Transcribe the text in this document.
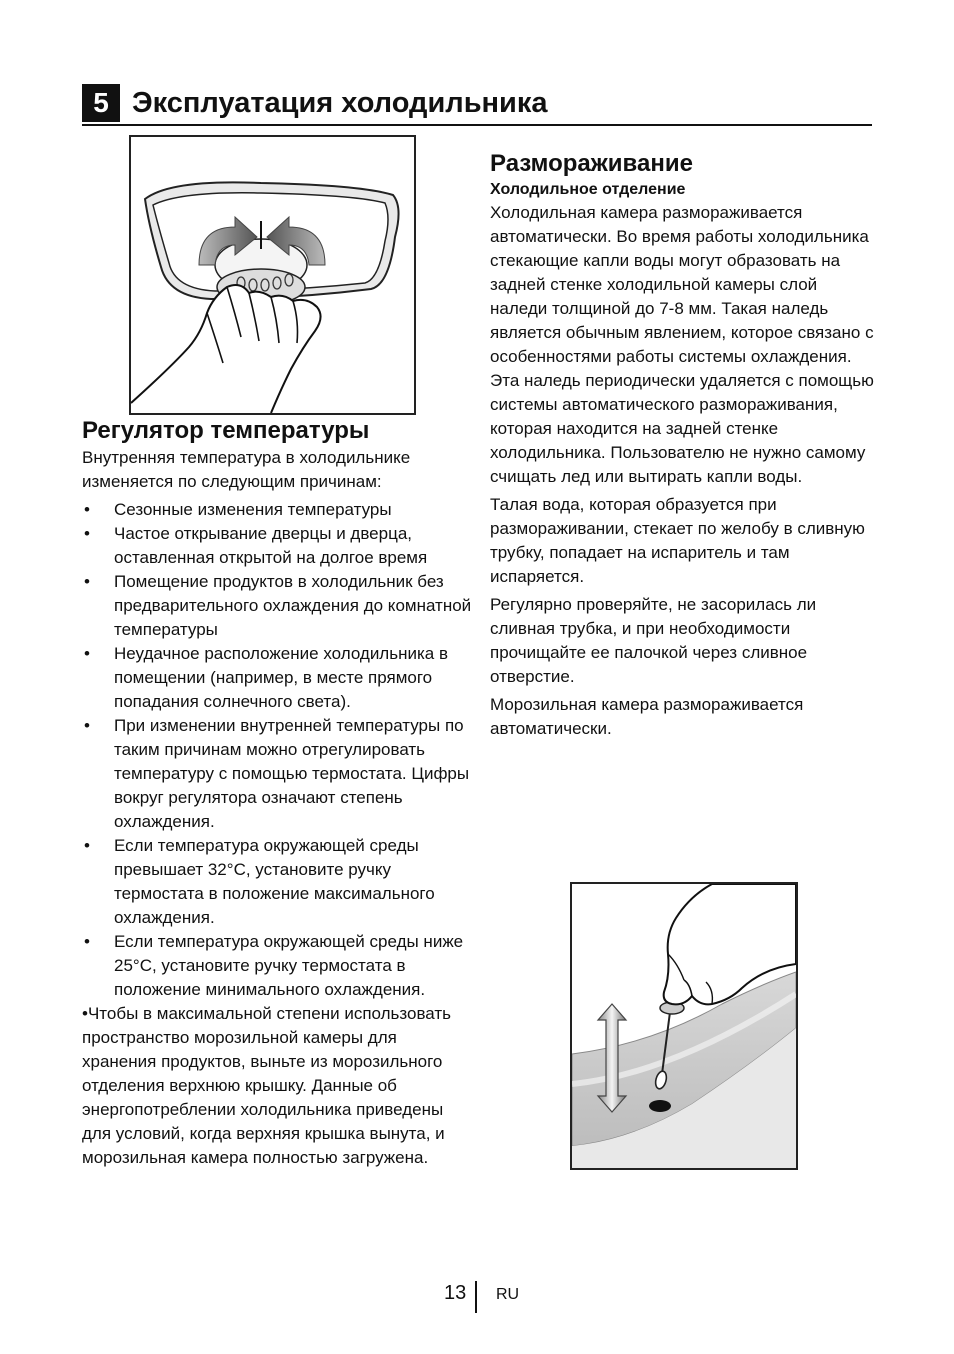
5 Эксплуатация холодильника
Регулятор температуры

Внутренняя температура в холодильнике изменяется по следующим причинам:

• Сезонные изменения температуры
• Частое открывание дверцы и дверца, оставленная открытой на долгое время
• Помещение продуктов в холодильник без предварительного охлаждения до комнатной температуры
• Неудачное расположение холодильника в помещении (например, в месте прямого попадания солнечного света).
• При изменении внутренней температуры по таким причинам можно отрегулировать температуру с помощью термостата. Цифры вокруг регулятора означают степень охлаждения.
• Если температура окружающей среды превышает 32°C, установите ручку термостата в положение максимального охлаждения.
• Если температура окружающей среды ниже 25°C, установите ручку термостата в положение минимального охлаждения.

•Чтобы в максимальной степени использовать пространство морозильной камеры для хранения продуктов, выньте из морозильного отделения верхнюю крышку. Данные об энергопотреблении холодильника приведены для условий, когда верхняя крышка вынута, и морозильная камера полностью загружена.

Размораживание
Холодильное отделение

Холодильная камера размораживается автоматически. Во время работы холодильника стекающие капли воды могут образовать на задней стенке холодильной камеры слой наледи толщиной до 7-8 мм. Такая наледь является обычным явлением, которое связано с особенностями работы системы охлаждения. Эта наледь периодически удаляется с помощью системы автоматического размораживания, которая находится на задней стенке холодильника. Пользователю не нужно самому счищать лед или вытирать капли воды.

Талая вода, которая образуется при размораживании, стекает по желобу в сливную трубку, попадает на испаритель и там испаряется.

Регулярно проверяйте, не засорилась ли сливная трубка, и при необходимости прочищайте ее палочкой через сливное отверстие.

Морозильная камера размораживается автоматически.

13 RU
